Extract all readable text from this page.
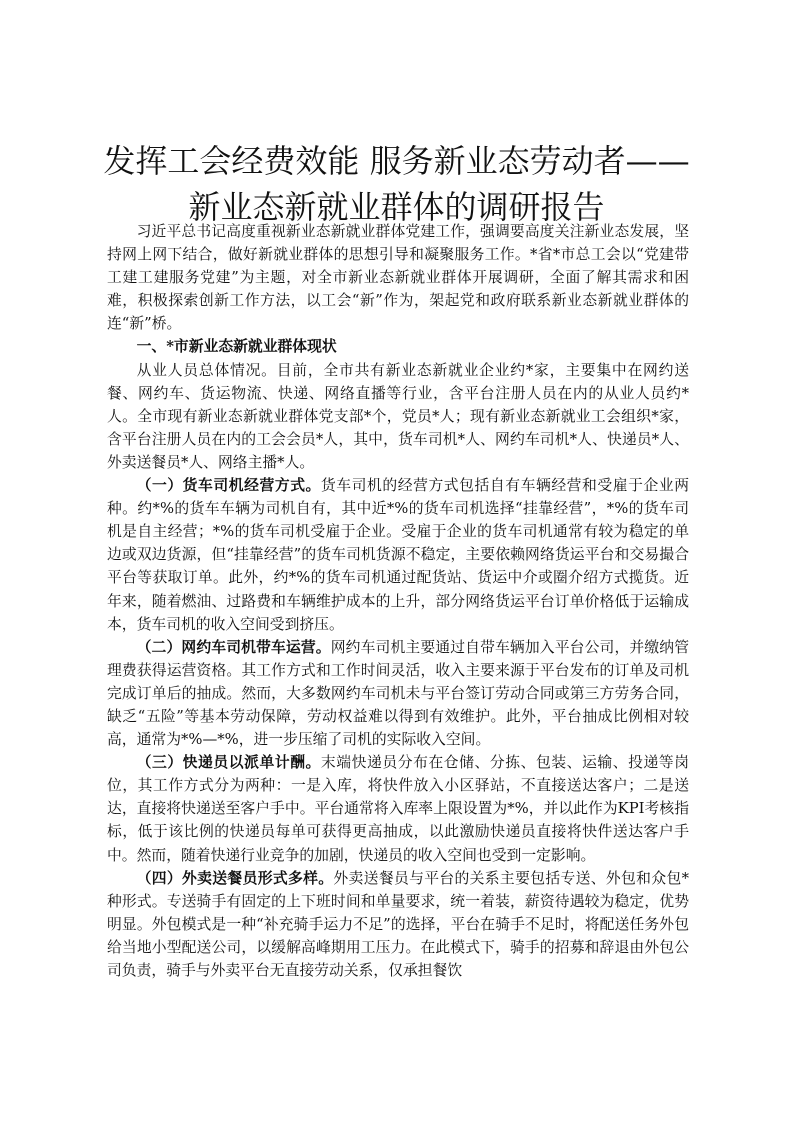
发挥工会经费效能 服务新业态劳动者——新业态新就业群体的调研报告

习近平总书记高度重视新业态新就业群体党建工作，强调要高度关注新业态发展，坚持网上网下结合，做好新就业群体的思想引导和凝聚服务工作。*省*市总工会以“党建带工建工建服务党建”为主题，对全市新业态新就业群体开展调研，全面了解其需求和困难，积极探索创新工作方法，以工会“新”作为，架起党和政府联系新业态新就业群体的连“新”桥。

一、*市新业态新就业群体现状

从业人员总体情况。目前，全市共有新业态新就业企业约*家，主要集中在网约送餐、网约车、货运物流、快递、网络直播等行业，含平台注册人员在内的从业人员约*人。全市现有新业态新就业群体党支部*个，党员*人；现有新业态新就业工会组织*家，含平台注册人员在内的工会会员*人，其中，货车司机*人、网约车司机*人、快递员*人、外卖送餐员*人、网络主播*人。

（一）货车司机经营方式。货车司机的经营方式包括自有车辆经营和受雇于企业两种。约*%的货车车辆为司机自有，其中近*%的货车司机选择“挂靠经营”，*%的货车司机是自主经营；*%的货车司机受雇于企业。受雇于企业的货车司机通常有较为稳定的单边或双边货源，但“挂靠经营”的货车司机货源不稳定，主要依赖网络货运平台和交易撮合平台等获取订单。此外，约*%的货车司机通过配货站、货运中介或圈介绍方式揽货。近年来，随着燃油、过路费和车辆维护成本的上升，部分网络货运平台订单价格低于运输成本，货车司机的收入空间受到挤压。

（二）网约车司机带车运营。网约车司机主要通过自带车辆加入平台公司，并缴纳管理费获得运营资格。其工作方式和工作时间灵活，收入主要来源于平台发布的订单及司机完成订单后的抽成。然而，大多数网约车司机未与平台签订劳动合同或第三方劳务合同，缺乏“五险”等基本劳动保障，劳动权益难以得到有效维护。此外，平台抽成比例相对较高，通常为*%—*%，进一步压缩了司机的实际收入空间。

（三）快递员以派单计酬。末端快递员分布在仓储、分拣、包装、运输、投递等岗位，其工作方式分为两种：一是入库，将快件放入小区驿站，不直接送达客户；二是送达，直接将快递送至客户手中。平台通常将入库率上限设置为*%，并以此作为KPI考核指标，低于该比例的快递员每单可获得更高抽成，以此激励快递员直接将快件送达客户手中。然而，随着快递行业竞争的加剧，快递员的收入空间也受到一定影响。

（四）外卖送餐员形式多样。外卖送餐员与平台的关系主要包括专送、外包和众包*种形式。专送骑手有固定的上下班时间和单量要求，统一着装，薪资待遇较为稳定，优势明显。外包模式是一种“补充骑手运力不足”的选择，平台在骑手不足时，将配送任务外包给当地小型配送公司，以缓解高峰期用工压力。在此模式下，骑手的招募和辞退由外包公司负责，骑手与外卖平台无直接劳动关系，仅承担餐饮
